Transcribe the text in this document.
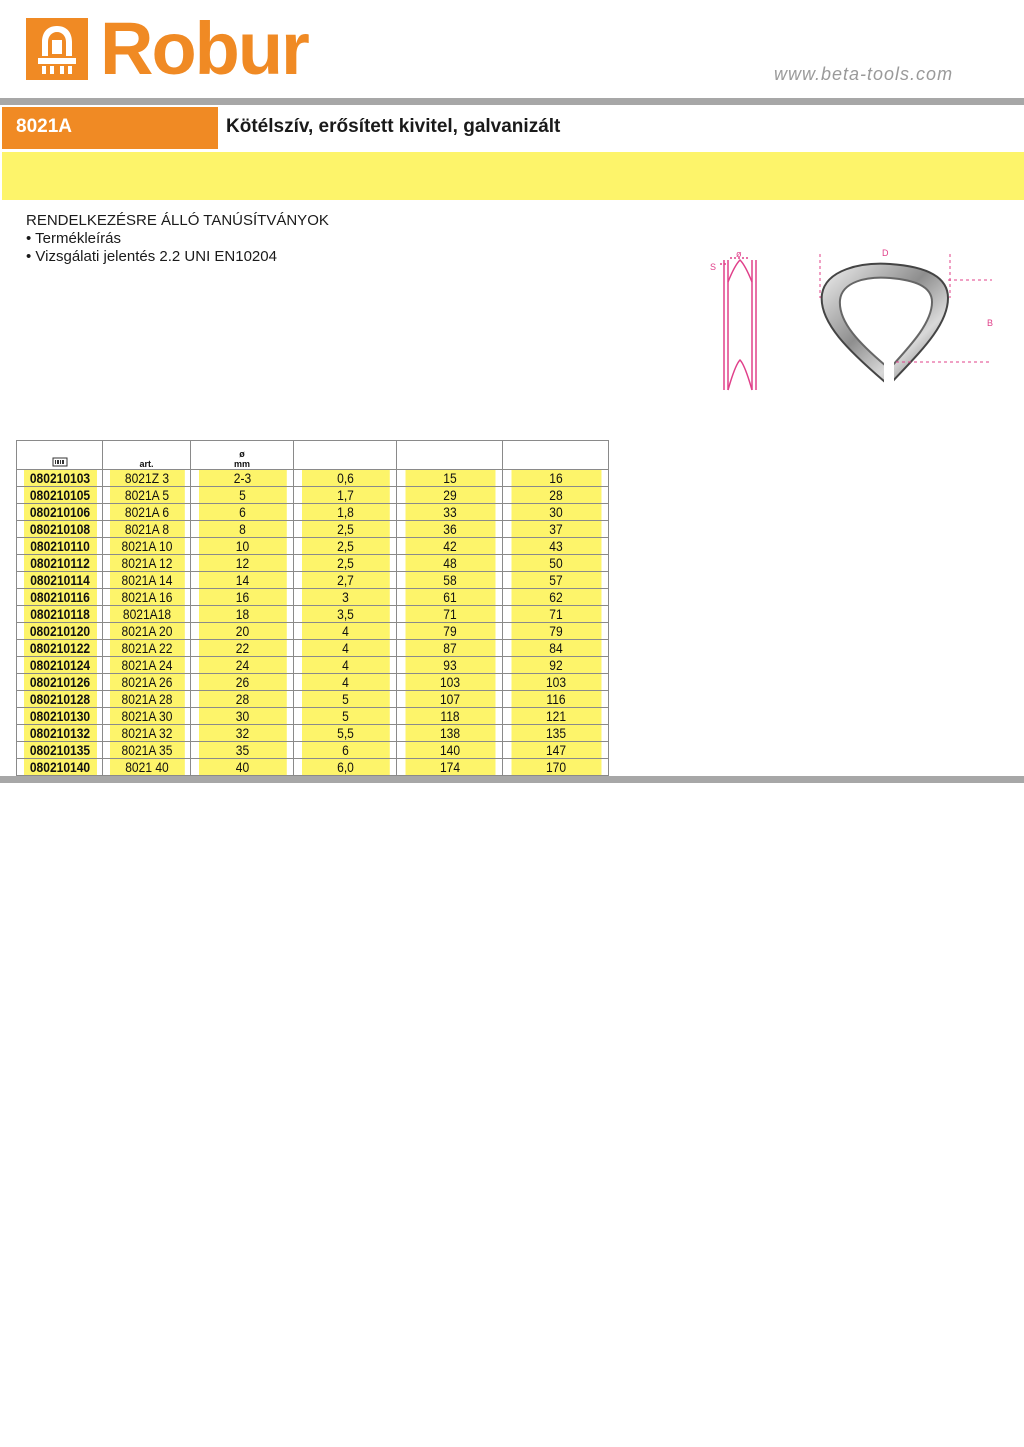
Robur	www.beta-tools.com
8021A	Kötélszív, erősített kivitel, galvanizált
RENDELKEZÉSRE ÁLLÓ TANÚSÍTVÁNYOK
• Termékleírás
• Vizsgálati jelentés 2.2 UNI EN10204
S
ø	D
B
	art.	ø
mm			

080210103	8021Z 3	2-3	0,6	15	16
080210105	8021A 5	5	1,7	29	28
080210106	8021A 6	6	1,8	33	30
080210108	8021A 8	8	2,5	36	37
080210110	8021A 10	10	2,5	42	43
080210112	8021A 12	12	2,5	48	50
080210114	8021A 14	14	2,7	58	57
080210116	8021A 16	16	3	61	62
080210118	8021A18	18	3,5	71	71
080210120	8021A 20	20	4	79	79
080210122	8021A 22	22	4	87	84
080210124	8021A 24	24	4	93	92
080210126	8021A 26	26	4	103	103
080210128	8021A 28	28	5	107	116
080210130	8021A 30	30	5	118	121
080210132	8021A 32	32	5,5	138	135
080210135	8021A 35	35	6	140	147
080210140	8021 40	40	6,0	174	170
